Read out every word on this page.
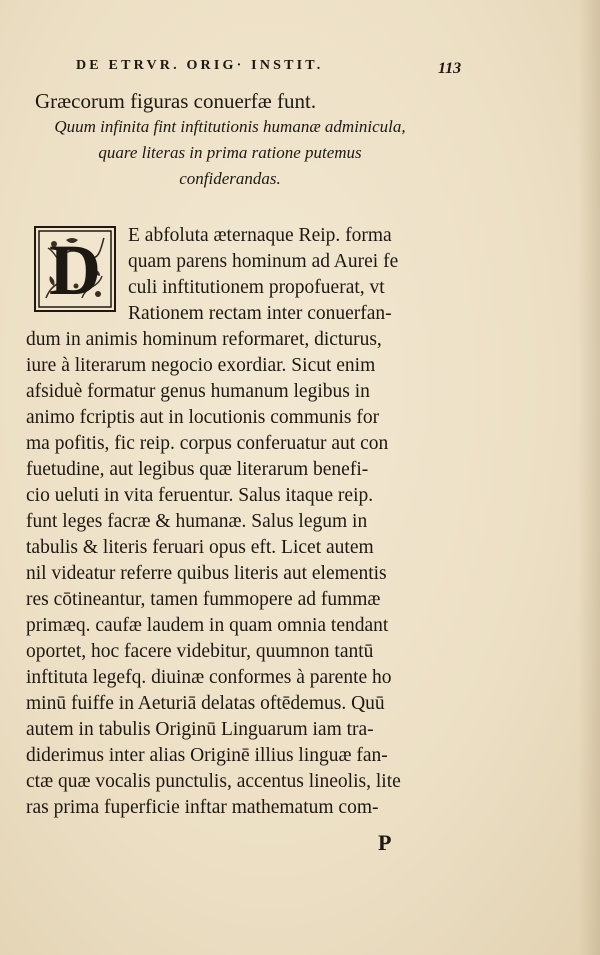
DE ETRVR. ORIG· INSTIT.	113
Græcorum figuras conuerfæ funt.
Quum infinita fint inftitutionis humanæ adminicula,
quare literas in prima ratione putemus
confiderandas.
D	E abfoluta æternaque Reip. forma
quam parens hominum ad Aurei fe
culi inftitutionem propofuerat, vt
Rationem rectam inter conuerfan-
dum in animis hominum reformaret, dicturus,
iure à literarum negocio exordiar. Sicut enim
afsiduè formatur genus humanum legibus in
animo fcriptis aut in locutionis communis for
ma pofitis, fic reip. corpus conferuatur aut con
fuetudine, aut legibus quæ literarum benefi-
cio ueluti in vita feruentur. Salus itaque reip.
funt leges facræ & humanæ. Salus legum in
tabulis & literis feruari opus eft. Licet autem
nil videatur referre quibus literis aut elementis
res cōtineantur, tamen fummopere ad fummæ
primæq. caufæ laudem in quam omnia tendant
oportet, hoc facere videbitur, quumnon tantū
inftituta legefq. diuinæ conformes à parente ho
minū fuiffe in Aeturiā delatas oftēdemus. Quū
autem in tabulis Originū Linguarum iam tra-
diderimus inter alias Originē illius linguæ fan-
ctæ quæ vocalis punctulis, accentus lineolis, lite
ras prima fuperficie inftar mathematum com-
P
